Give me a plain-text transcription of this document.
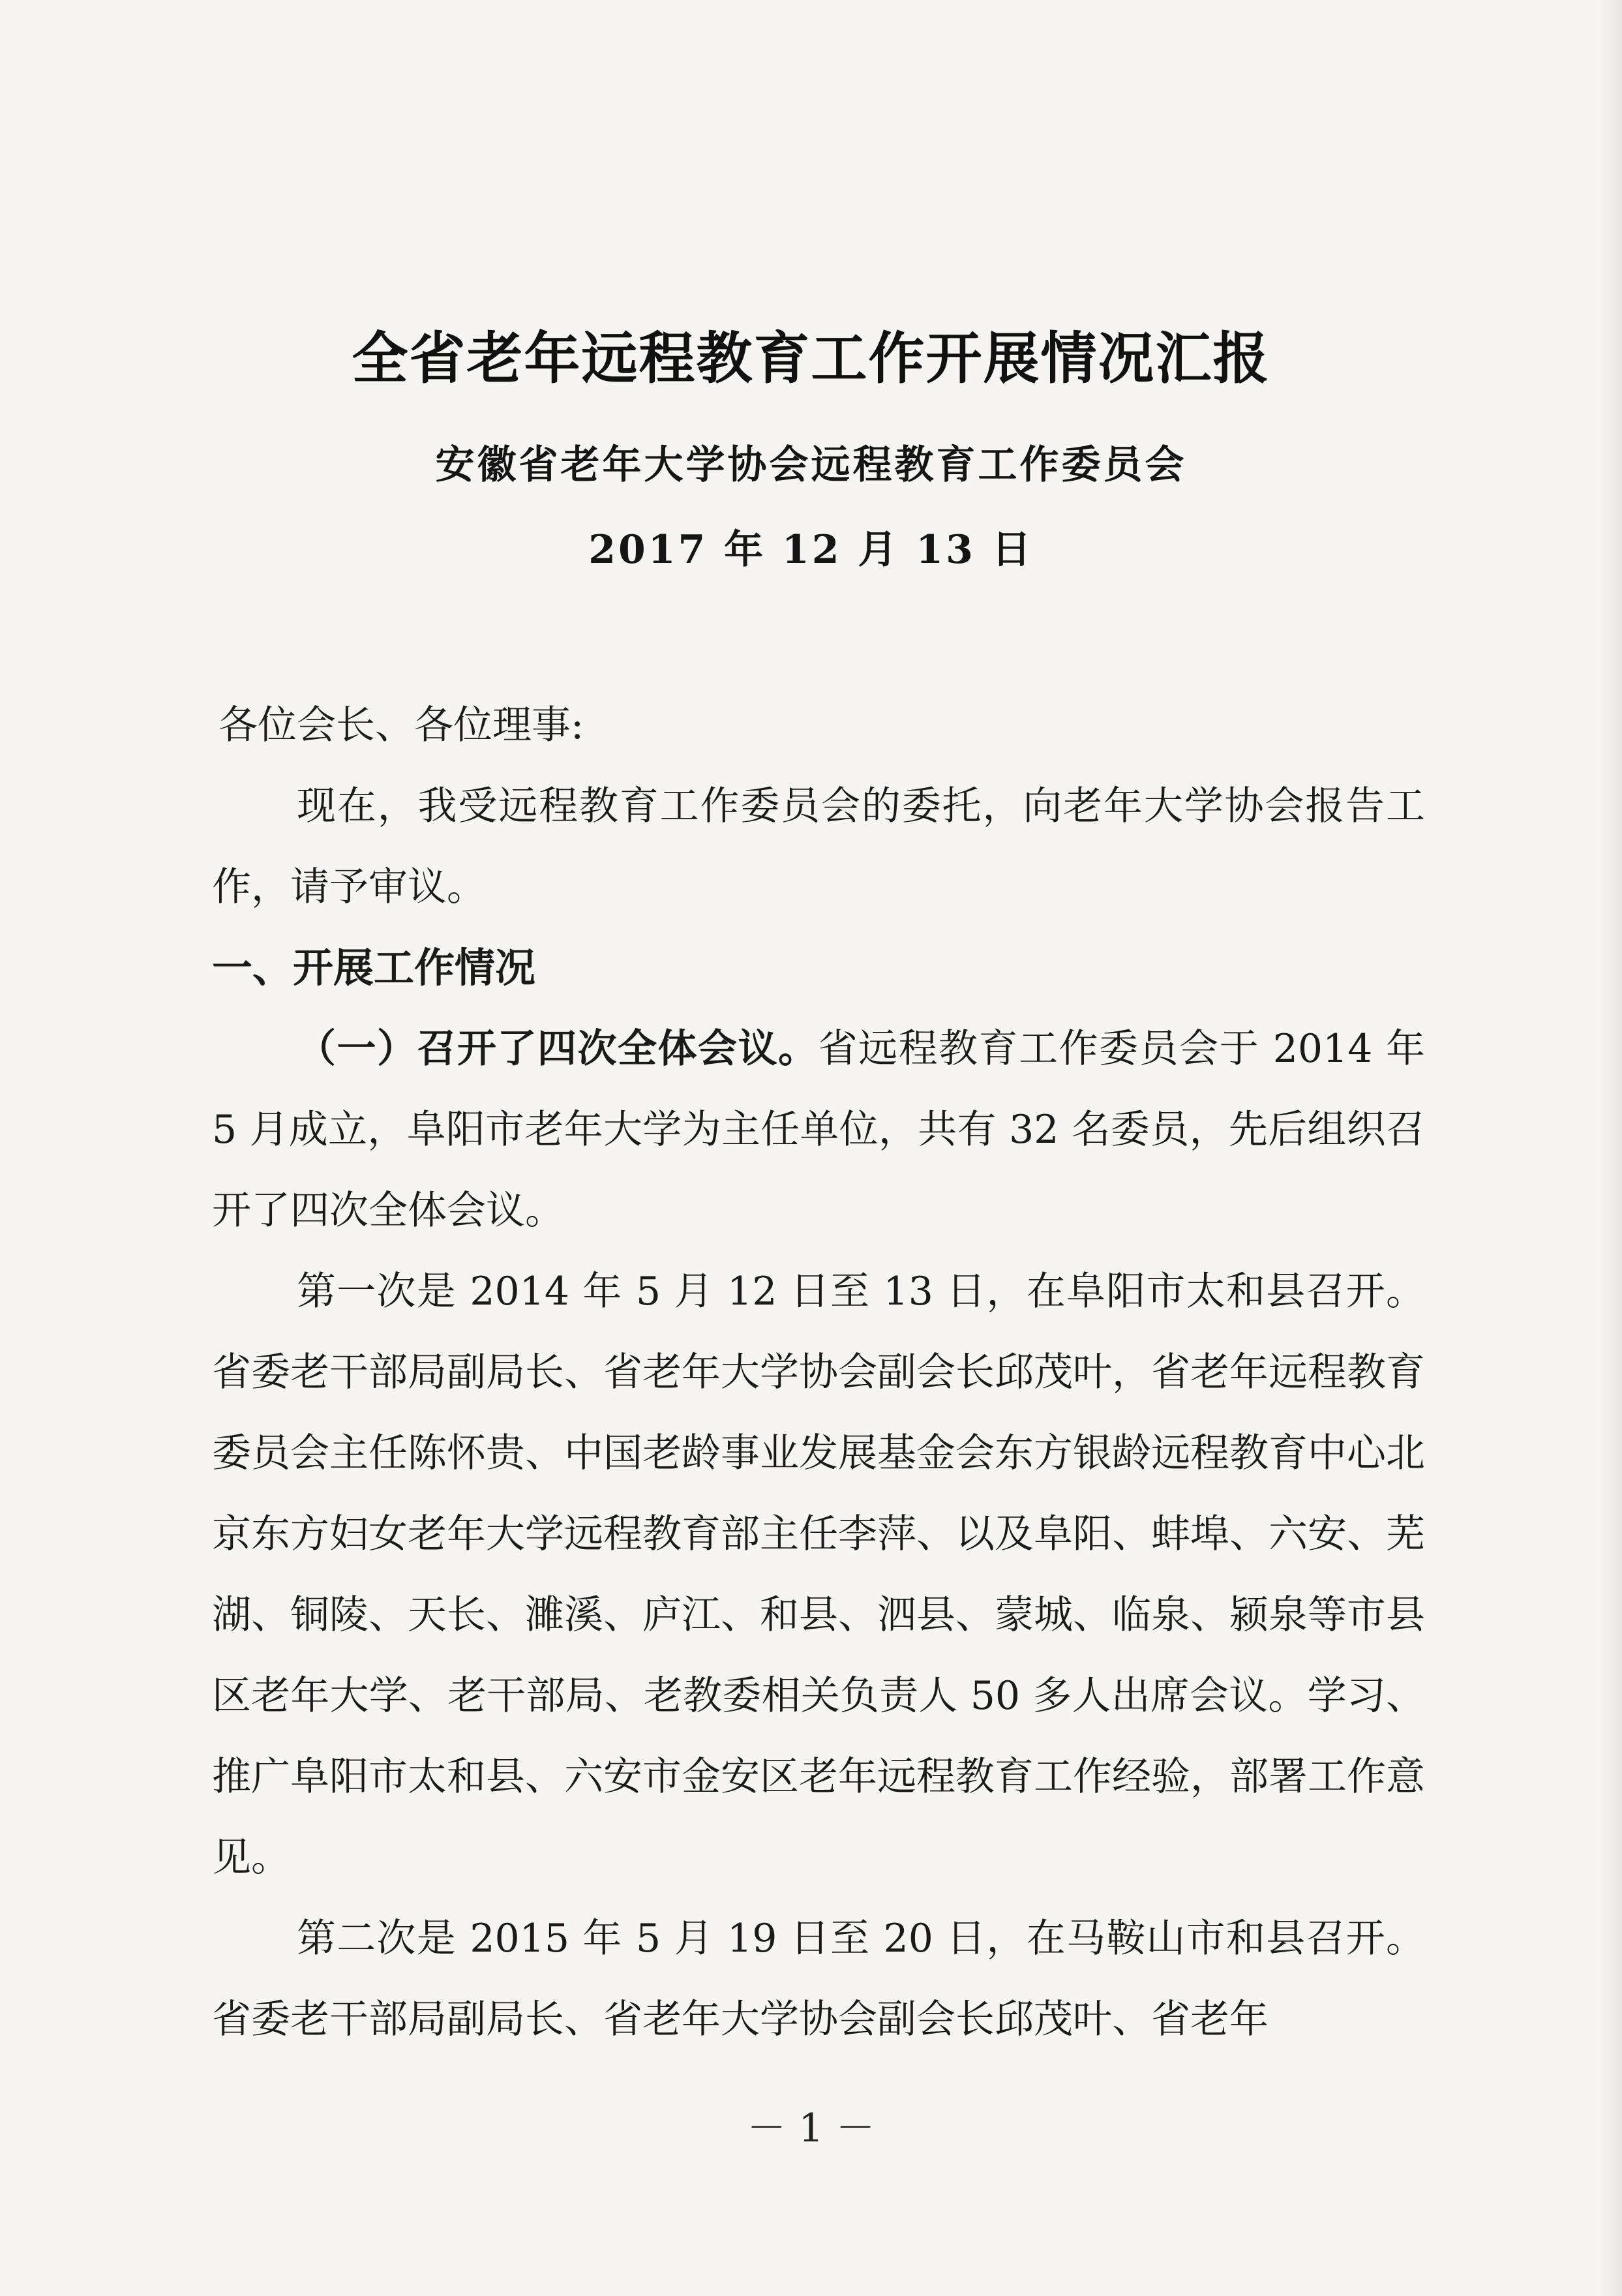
全省老年远程教育工作开展情况汇报
安徽省老年大学协会远程教育工作委员会
2017 年 12 月 13 日
各位会长、各位理事:

现在，我受远程教育工作委员会的委托，向老年大学协会报告工作，请予审议。

一、开展工作情况

（一）召开了四次全体会议。省远程教育工作委员会于 2014 年 5 月成立，阜阳市老年大学为主任单位，共有 32 名委员，先后组织召开了四次全体会议。

第一次是 2014 年 5 月 12 日至 13 日，在阜阳市太和县召开。省委老干部局副局长、省老年大学协会副会长邱茂叶，省老年远程教育委员会主任陈怀贵、中国老龄事业发展基金会东方银龄远程教育中心北京东方妇女老年大学远程教育部主任李萍、以及阜阳、蚌埠、六安、芜湖、铜陵、天长、濉溪、庐江、和县、泗县、蒙城、临泉、颍泉等市县区老年大学、老干部局、老教委相关负责人 50 多人出席会议。学习、推广阜阳市太和县、六安市金安区老年远程教育工作经验，部署工作意见。

第二次是 2015 年 5 月 19 日至 20 日，在马鞍山市和县召开。省委老干部局副局长、省老年大学协会副会长邱茂叶、省老年

－ 1 －
